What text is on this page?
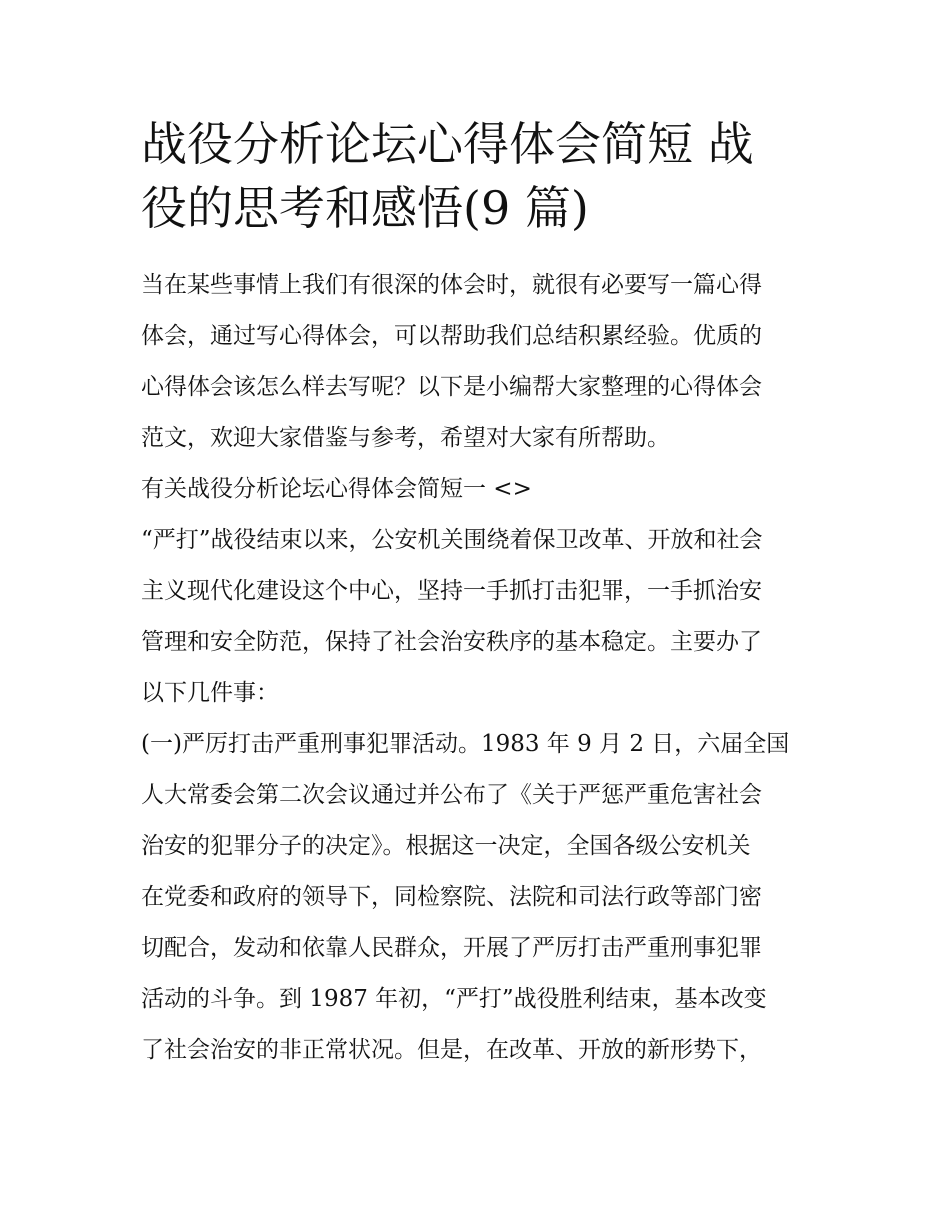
战役分析论坛心得体会简短 战
役的思考和感悟(9 篇)
当在某些事情上我们有很深的体会时，就很有必要写一篇心得
体会，通过写心得体会，可以帮助我们总结积累经验。优质的
心得体会该怎么样去写呢？以下是小编帮大家整理的心得体会
范文，欢迎大家借鉴与参考，希望对大家有所帮助。
有关战役分析论坛心得体会简短一 <>
“严打”战役结束以来，公安机关围绕着保卫改革、开放和社会
主义现代化建设这个中心，坚持一手抓打击犯罪，一手抓治安
管理和安全防范，保持了社会治安秩序的基本稳定。主要办了
以下几件事：
(一)严厉打击严重刑事犯罪活动。1983 年 9 月 2 日，六届全国
人大常委会第二次会议通过并公布了《关于严惩严重危害社会
治安的犯罪分子的决定》。根据这一决定，全国各级公安机关
在党委和政府的领导下，同检察院、法院和司法行政等部门密
切配合，发动和依靠人民群众，开展了严厉打击严重刑事犯罪
活动的斗争。到 1987 年初，“严打”战役胜利结束，基本改变
了社会治安的非正常状况。但是，在改革、开放的新形势下，
